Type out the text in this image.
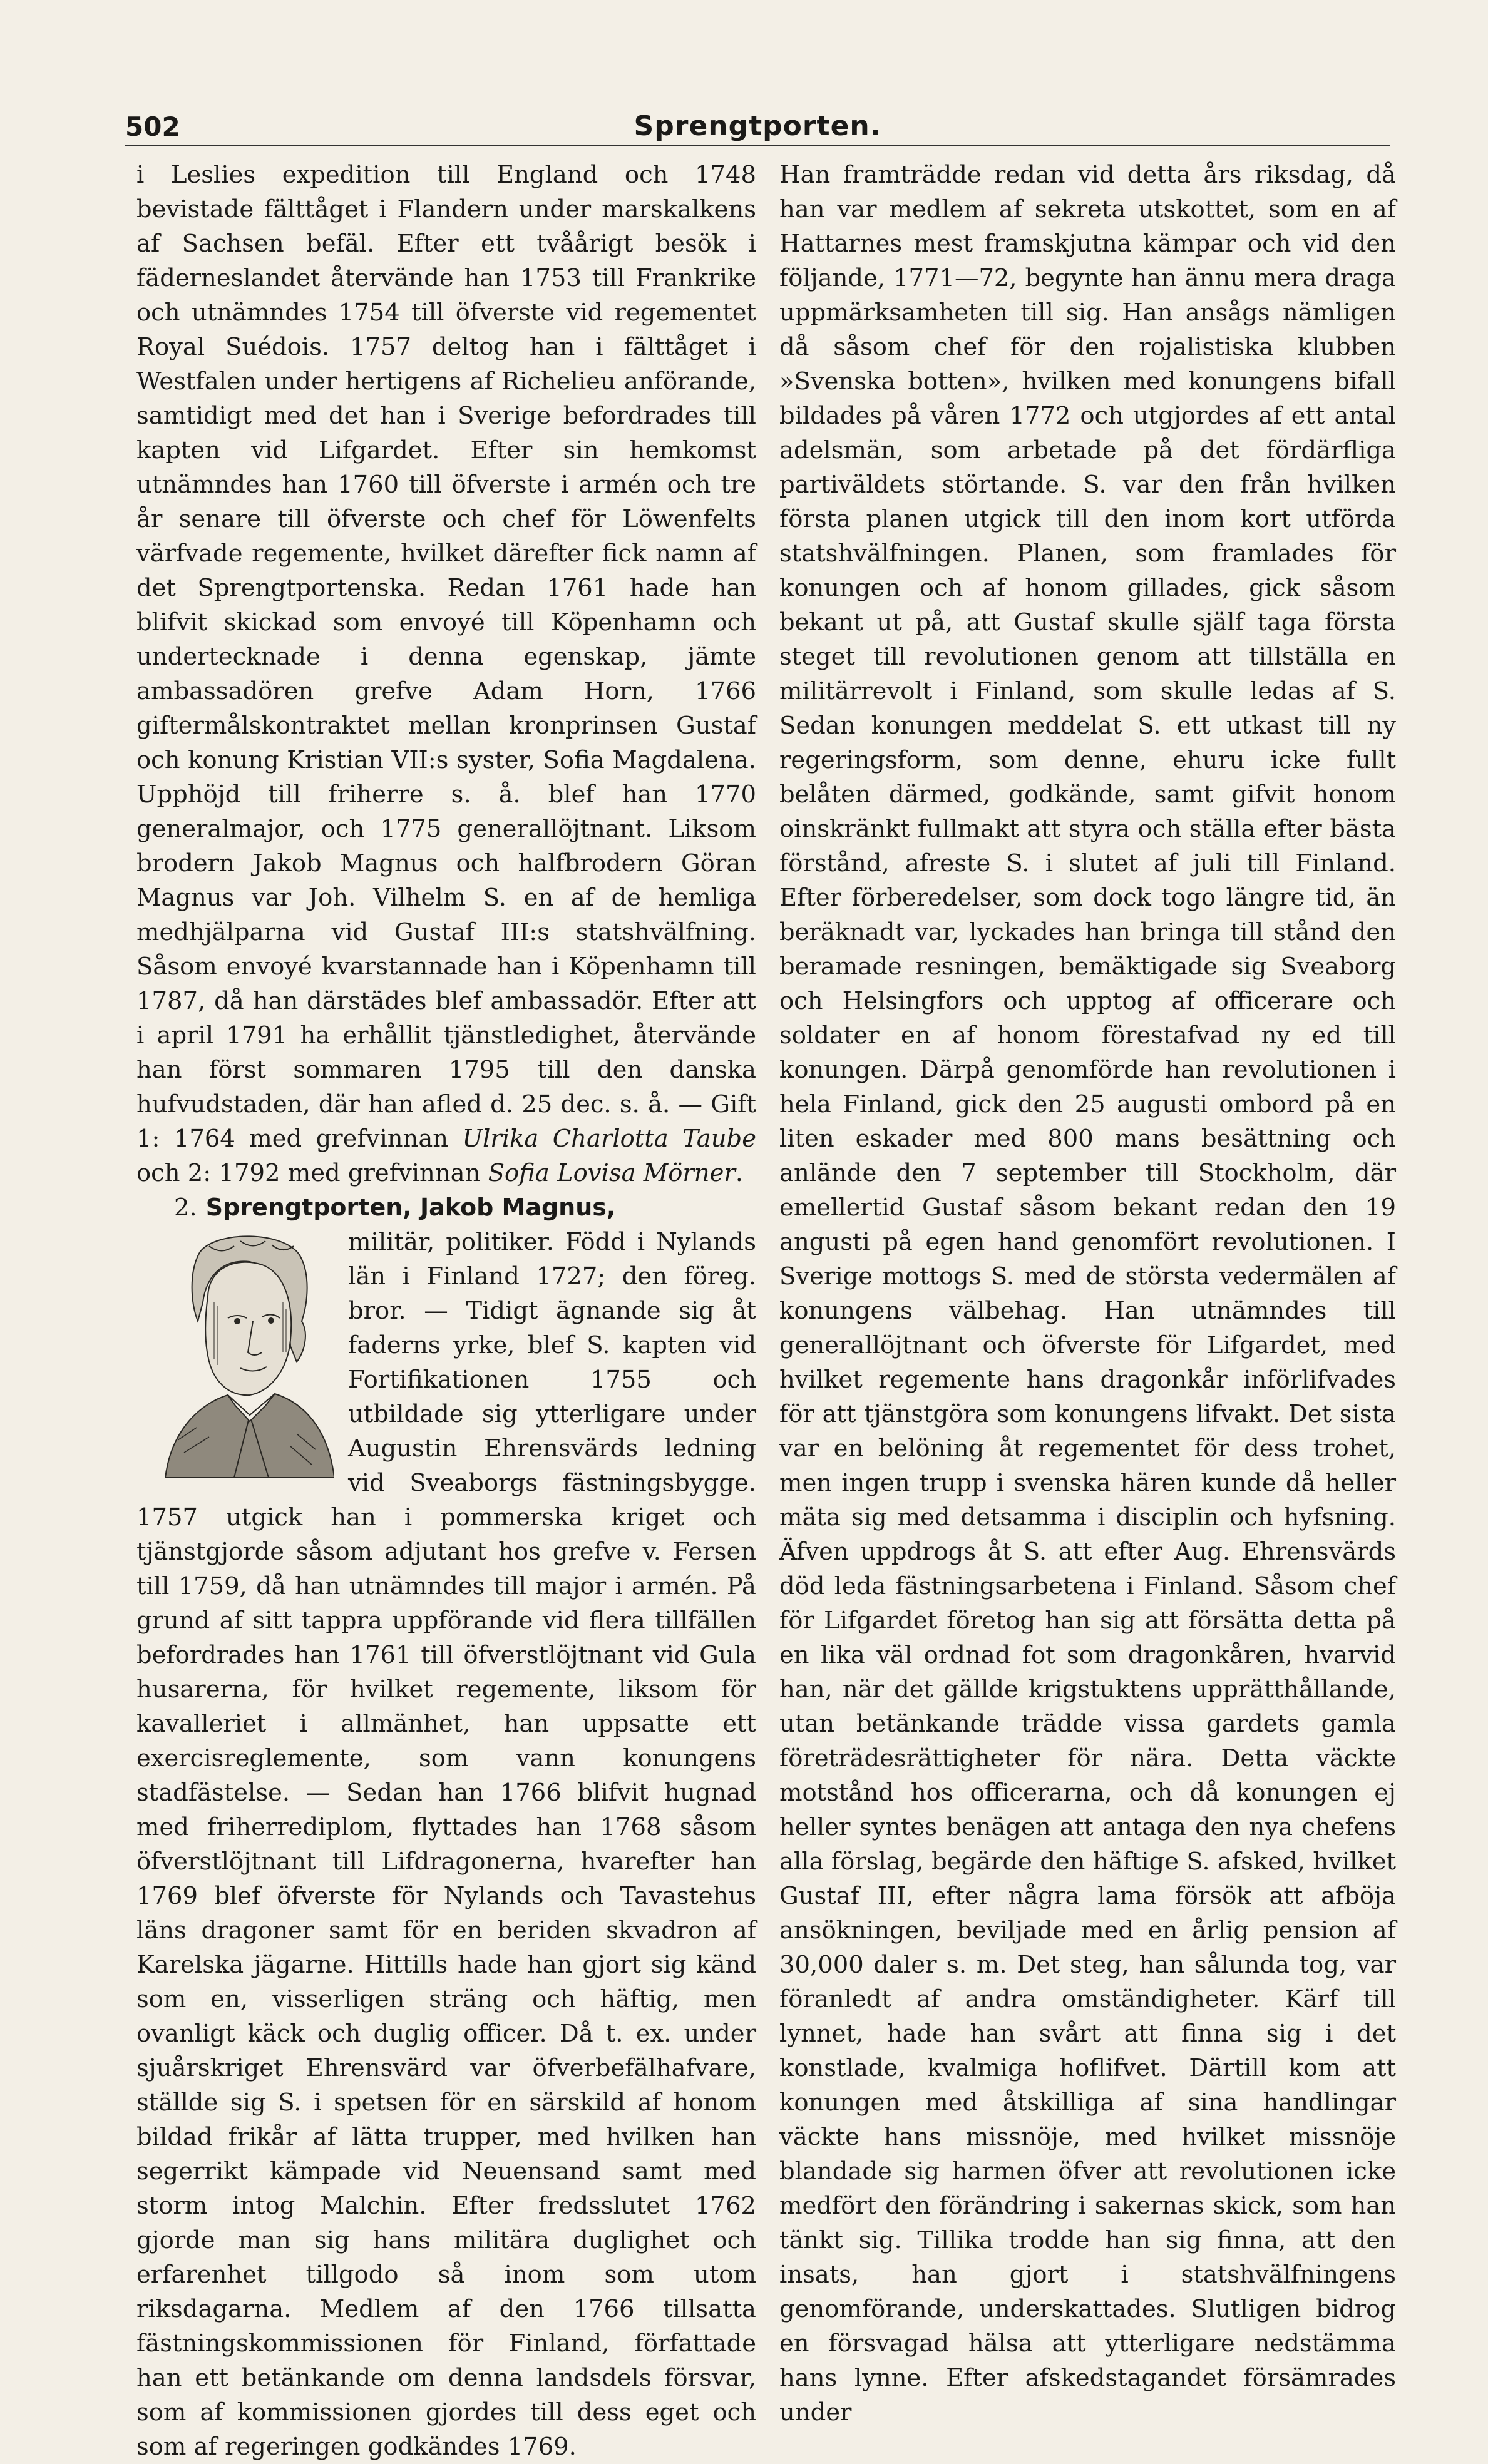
502	Sprengtporten.

i Leslies expedition till England och 1748 bevistade fälttåget i Flandern under marskalkens af Sachsen befäl. Efter ett tvåårigt besök i fäderneslandet återvände han 1753 till Frankrike och utnämndes 1754 till öfverste vid regementet Royal Suédois. 1757 deltog han i fälttåget i Westfalen under hertigens af Richelieu anförande, samtidigt med det han i Sverige befordrades till kapten vid Lifgardet. Efter sin hemkomst utnämndes han 1760 till öfverste i armén och tre år senare till öfverste och chef för Löwenfelts värfvade regemente, hvilket därefter fick namn af det Sprengtportenska. Redan 1761 hade han blifvit skickad som envoyé till Köpenhamn och undertecknade i denna egenskap, jämte ambassadören grefve Adam Horn, 1766 giftermålskontraktet mellan kronprinsen Gustaf och konung Kristian VII:s syster, Sofia Magdalena. Upphöjd till friherre s. å. blef han 1770 generalmajor, och 1775 generallöjtnant. Liksom brodern Jakob Magnus och halfbrodern Göran Magnus var Joh. Vilhelm S. en af de hemliga medhjälparna vid Gustaf III:s statshvälfning. Såsom envoyé kvarstannade han i Köpenhamn till 1787, då han därstädes blef ambassadör. Efter att i april 1791 ha erhållit tjänstledighet, återvände han först sommaren 1795 till den danska hufvudstaden, där han afled d. 25 dec. s. å. — Gift 1: 1764 med grefvinnan Ulrika Charlotta Taube och 2: 1792 med grefvinnan Sofia Lovisa Mörner.

2. Sprengtporten, Jakob Magnus,

militär, politiker. Född i Nylands län i Finland 1727; den föreg. bror. — Tidigt ägnande sig åt faderns yrke, blef S. kapten vid Fortifikationen 1755 och utbildade sig ytterligare under Augustin Ehrensvärds ledning vid Sveaborgs fästningsbygge. 1757 utgick han i pommerska kriget och tjänstgjorde såsom adjutant hos grefve v. Fersen till 1759, då han utnämndes till major i armén. På grund af sitt tappra uppförande vid flera tillfällen befordrades han 1761 till öfverstlöjtnant vid Gula husarerna, för hvilket regemente, liksom för kavalleriet i allmänhet, han uppsatte ett exercisreglemente, som vann konungens stadfästelse. — Sedan han 1766 blifvit hugnad med friherrediplom, flyttades han 1768 såsom öfverstlöjtnant till Lifdragonerna, hvarefter han 1769 blef öfverste för Nylands och Tavastehus läns dragoner samt för en beriden skvadron af Karelska jägarne. Hittills hade han gjort sig känd som en, visserligen sträng och häftig, men ovanligt käck och duglig officer. Då t. ex. under sjuårskriget Ehrensvärd var öfverbefälhafvare, ställde sig S. i spetsen för en särskild af honom bildad frikår af lätta trupper, med hvilken han segerrikt kämpade vid Neuensand samt med storm intog Malchin. Efter fredsslutet 1762 gjorde man sig hans militära duglighet och erfarenhet tillgodo så inom som utom riksdagarna. Medlem af den 1766 tillsatta fästningskommissionen för Finland, författade han ett betänkande om denna landsdels försvar, som af kommissionen gjordes till dess eget och som af regeringen godkändes 1769.

Han framträdde redan vid detta års riksdag, då han var medlem af sekreta utskottet, som en af Hattarnes mest framskjutna kämpar och vid den följande, 1771—72, begynte han ännu mera draga uppmärksamheten till sig. Han ansågs nämligen då såsom chef för den rojalistiska klubben »Svenska botten», hvilken med konungens bifall bildades på våren 1772 och utgjordes af ett antal adelsmän, som arbetade på det fördärfliga partiväldets störtande. S. var den från hvilken första planen utgick till den inom kort utförda statshvälfningen. Planen, som framlades för konungen och af honom gillades, gick såsom bekant ut på, att Gustaf skulle själf taga första steget till revolutionen genom att tillställa en militärrevolt i Finland, som skulle ledas af S. Sedan konungen meddelat S. ett utkast till ny regeringsform, som denne, ehuru icke fullt belåten därmed, godkände, samt gifvit honom oinskränkt fullmakt att styra och ställa efter bästa förstånd, afreste S. i slutet af juli till Finland. Efter förberedelser, som dock togo längre tid, än beräknadt var, lyckades han bringa till stånd den beramade resningen, bemäktigade sig Sveaborg och Helsingfors och upptog af officerare och soldater en af honom förestafvad ny ed till konungen. Därpå genomförde han revolutionen i hela Finland, gick den 25 augusti ombord på en liten eskader med 800 mans besättning och anlände den 7 september till Stockholm, där emellertid Gustaf såsom bekant redan den 19 angusti på egen hand genomfört revolutionen. I Sverige mottogs S. med de största vedermälen af konungens välbehag. Han utnämndes till generallöjtnant och öfverste för Lifgardet, med hvilket regemente hans dragonkår införlifvades för att tjänstgöra som konungens lifvakt. Det sista var en belöning åt regementet för dess trohet, men ingen trupp i svenska hären kunde då heller mäta sig med detsamma i disciplin och hyfsning. Äfven uppdrogs åt S. att efter Aug. Ehrensvärds död leda fästningsarbetena i Finland. Såsom chef för Lifgardet företog han sig att försätta detta på en lika väl ordnad fot som dragonkåren, hvarvid han, när det gällde krigstuktens upprätthållande, utan betänkande trädde vissa gardets gamla företrädesrättigheter för nära. Detta väckte motstånd hos officerarna, och då konungen ej heller syntes benägen att antaga den nya chefens alla förslag, begärde den häftige S. afsked, hvilket Gustaf III, efter några lama försök att afböja ansökningen, beviljade med en årlig pension af 30,000 daler s. m. Det steg, han sålunda tog, var föranledt af andra omständigheter. Kärf till lynnet, hade han svårt att finna sig i det konstlade, kvalmiga hoflifvet. Därtill kom att konungen med åtskilliga af sina handlingar väckte hans missnöje, med hvilket missnöje blandade sig harmen öfver att revolutionen icke medfört den förändring i sakernas skick, som han tänkt sig. Tillika trodde han sig finna, att den insats, han gjort i statshvälfningens genomförande, underskattades. Slutligen bidrog en försvagad hälsa att ytterligare nedstämma hans lynne. Efter afskedstagandet försämrades under
